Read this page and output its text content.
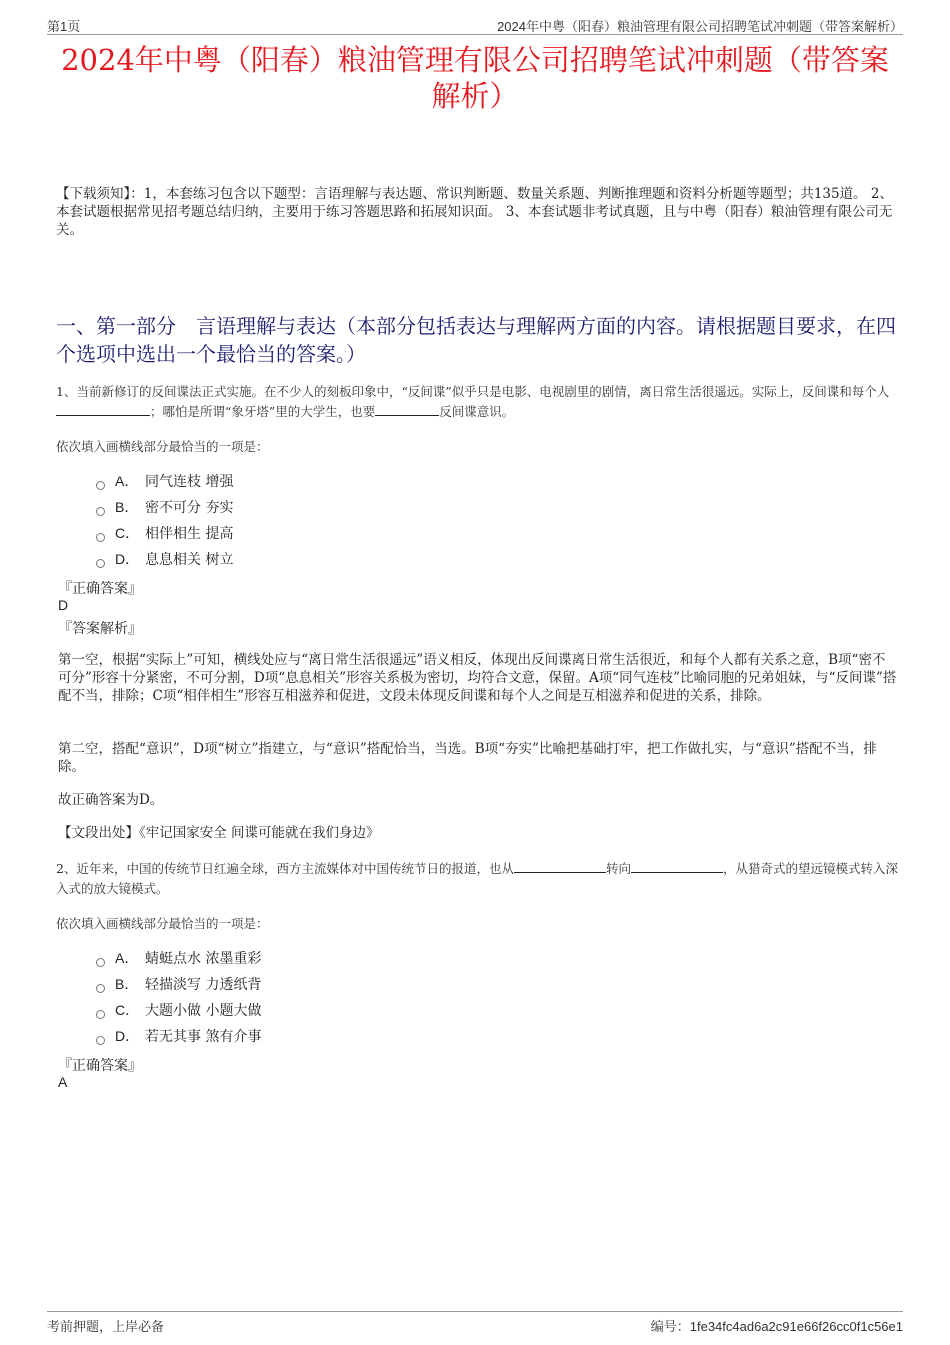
第1页	2024年中粤（阳春）粮油管理有限公司招聘笔试冲刺题（带答案解析）
2024年中粤（阳春）粮油管理有限公司招聘笔试冲刺题（带答案解析）
【下载须知】：1，本套练习包含以下题型：言语理解与表达题、常识判断题、数量关系题、判断推理题和资料分析题等题型；共135道。 2、本套试题根据常见招考题总结归纳，主要用于练习答题思路和拓展知识面。 3、本套试题非考试真题，且与中粤（阳春）粮油管理有限公司无关。
一、第一部分　言语理解与表达（本部分包括表达与理解两方面的内容。请根据题目要求，在四个选项中选出一个最恰当的答案。）
1、当前新修订的反间谍法正式实施。在不少人的刻板印象中，“反间谍”似乎只是电影、电视剧里的剧情，离日常生活很遥远。实际上，反间谍和每个人 ；哪怕是所谓“象牙塔”里的大学生，也要	反间谍意识。
依次填入画横线部分最恰当的一项是：
A． 同气连枝 增强
B． 密不可分 夯实
C． 相伴相生 提高
D． 息息相关 树立
『正确答案』
D
『答案解析』
第一空，根据“实际上”可知，横线处应与“离日常生活很遥远”语义相反，体现出反间谍离日常生活很近，和每个人都有关系之意，B项“密不可分”形容十分紧密，不可分割，D项“息息相关”形容关系极为密切，均符合文意，保留。A项“同气连枝”比喻同胞的兄弟姐妹，与“反间谍”搭配不当，排除；C项“相伴相生”形容互相滋养和促进，文段未体现反间谍和每个人之间是互相滋养和促进的关系，排除。
第二空，搭配“意识”，D项“树立”指建立，与“意识”搭配恰当，当选。B项“夯实”比喻把基础打牢，把工作做扎实，与“意识”搭配不当，排除。
故正确答案为D。
【文段出处】《牢记国家安全 间谍可能就在我们身边》
2、近年来，中国的传统节日红遍全球，西方主流媒体对中国传统节日的报道，也从	转向	，从猎奇式的望远镜模式转入深入式的放大镜模式。
依次填入画横线部分最恰当的一项是：
A． 蜻蜓点水 浓墨重彩
B． 轻描淡写 力透纸背
C． 大题小做 小题大做
D． 若无其事 煞有介事
『正确答案』
A
考前押题，上岸必备	编号：1fe34fc4ad6a2c91e66f26cc0f1c56e1
